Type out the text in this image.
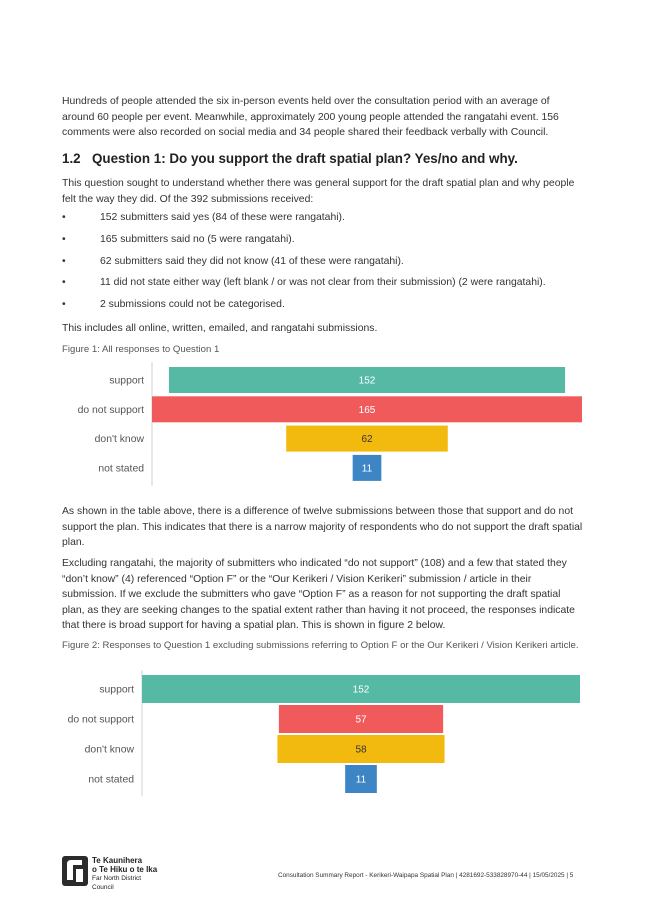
Hundreds of people attended the six in-person events held over the consultation period with an average of around 60 people per event. Meanwhile, approximately 200 young people attended the rangatahi event. 156 comments were also recorded on social media and 34 people shared their feedback verbally with Council.

1.2 Question 1: Do you support the draft spatial plan? Yes/no and why.

This question sought to understand whether there was general support for the draft spatial plan and why people felt the way they did. Of the 392 submissions received:

•	152 submitters said yes (84 of these were rangatahi).
•	165 submitters said no (5 were rangatahi).
•	62 submitters said they did not know (41 of these were rangatahi).
•	11 did not state either way (left blank / or was not clear from their submission) (2 were rangatahi).
•	2 submissions could not be categorised.

This includes all online, written, emailed, and rangatahi submissions.

Figure 1: All responses to Question 1

support	152
do not support	165
don't know	62
not stated	11

As shown in the table above, there is a difference of twelve submissions between those that support and do not support the plan. This indicates that there is a narrow majority of respondents who do not support the draft spatial plan.

Excluding rangatahi, the majority of submitters who indicated “do not support” (108) and a few that stated they “don’t know” (4) referenced “Option F” or the “Our Kerikeri / Vision Kerikeri” submission / article in their submission. If we exclude the submitters who gave “Option F” as a reason for not supporting the draft spatial plan, as they are seeking changes to the spatial extent rather than having it not proceed, the responses indicate that there is broad support for having a spatial plan. This is shown in figure 2 below.

Figure 2: Responses to Question 1 excluding submissions referring to Option F or the Our Kerikeri / Vision Kerikeri article.

support	152
do not support	57
don't know	58
not stated	11
Te Kaunihera
o Te Hiku o te Ika
Far North District Council
Consultation Summary Report - Kerikeri-Waipapa Spatial Plan | 4281692-533828970-44 | 15/05/2025 | 5
